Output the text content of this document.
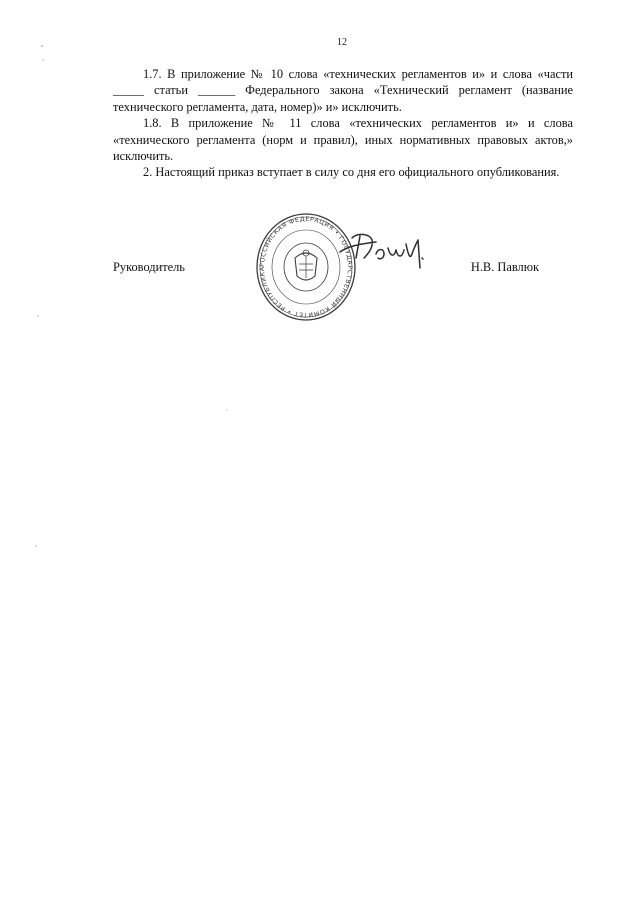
12

1.7. В приложение № 10 слова «технических регламентов и» и слова «части _____ статьи ______ Федерального закона «Технический регламент (название технического регламента, дата, номер)» и» исключить.

1.8. В приложение № 11 слова «технических регламентов и» и слова «технического регламента (норм и правил), иных нормативных правовых актов,» исключить.

2. Настоящий приказ вступает в силу со дня его официального опубликования.

Руководитель	Н.В. Павлюк
РОССИЙСКАЯ ФЕДЕРАЦИЯ • ГОСУДАРСТВЕННЫЙ КОМИТЕТ • РЕСПУБЛИКА
